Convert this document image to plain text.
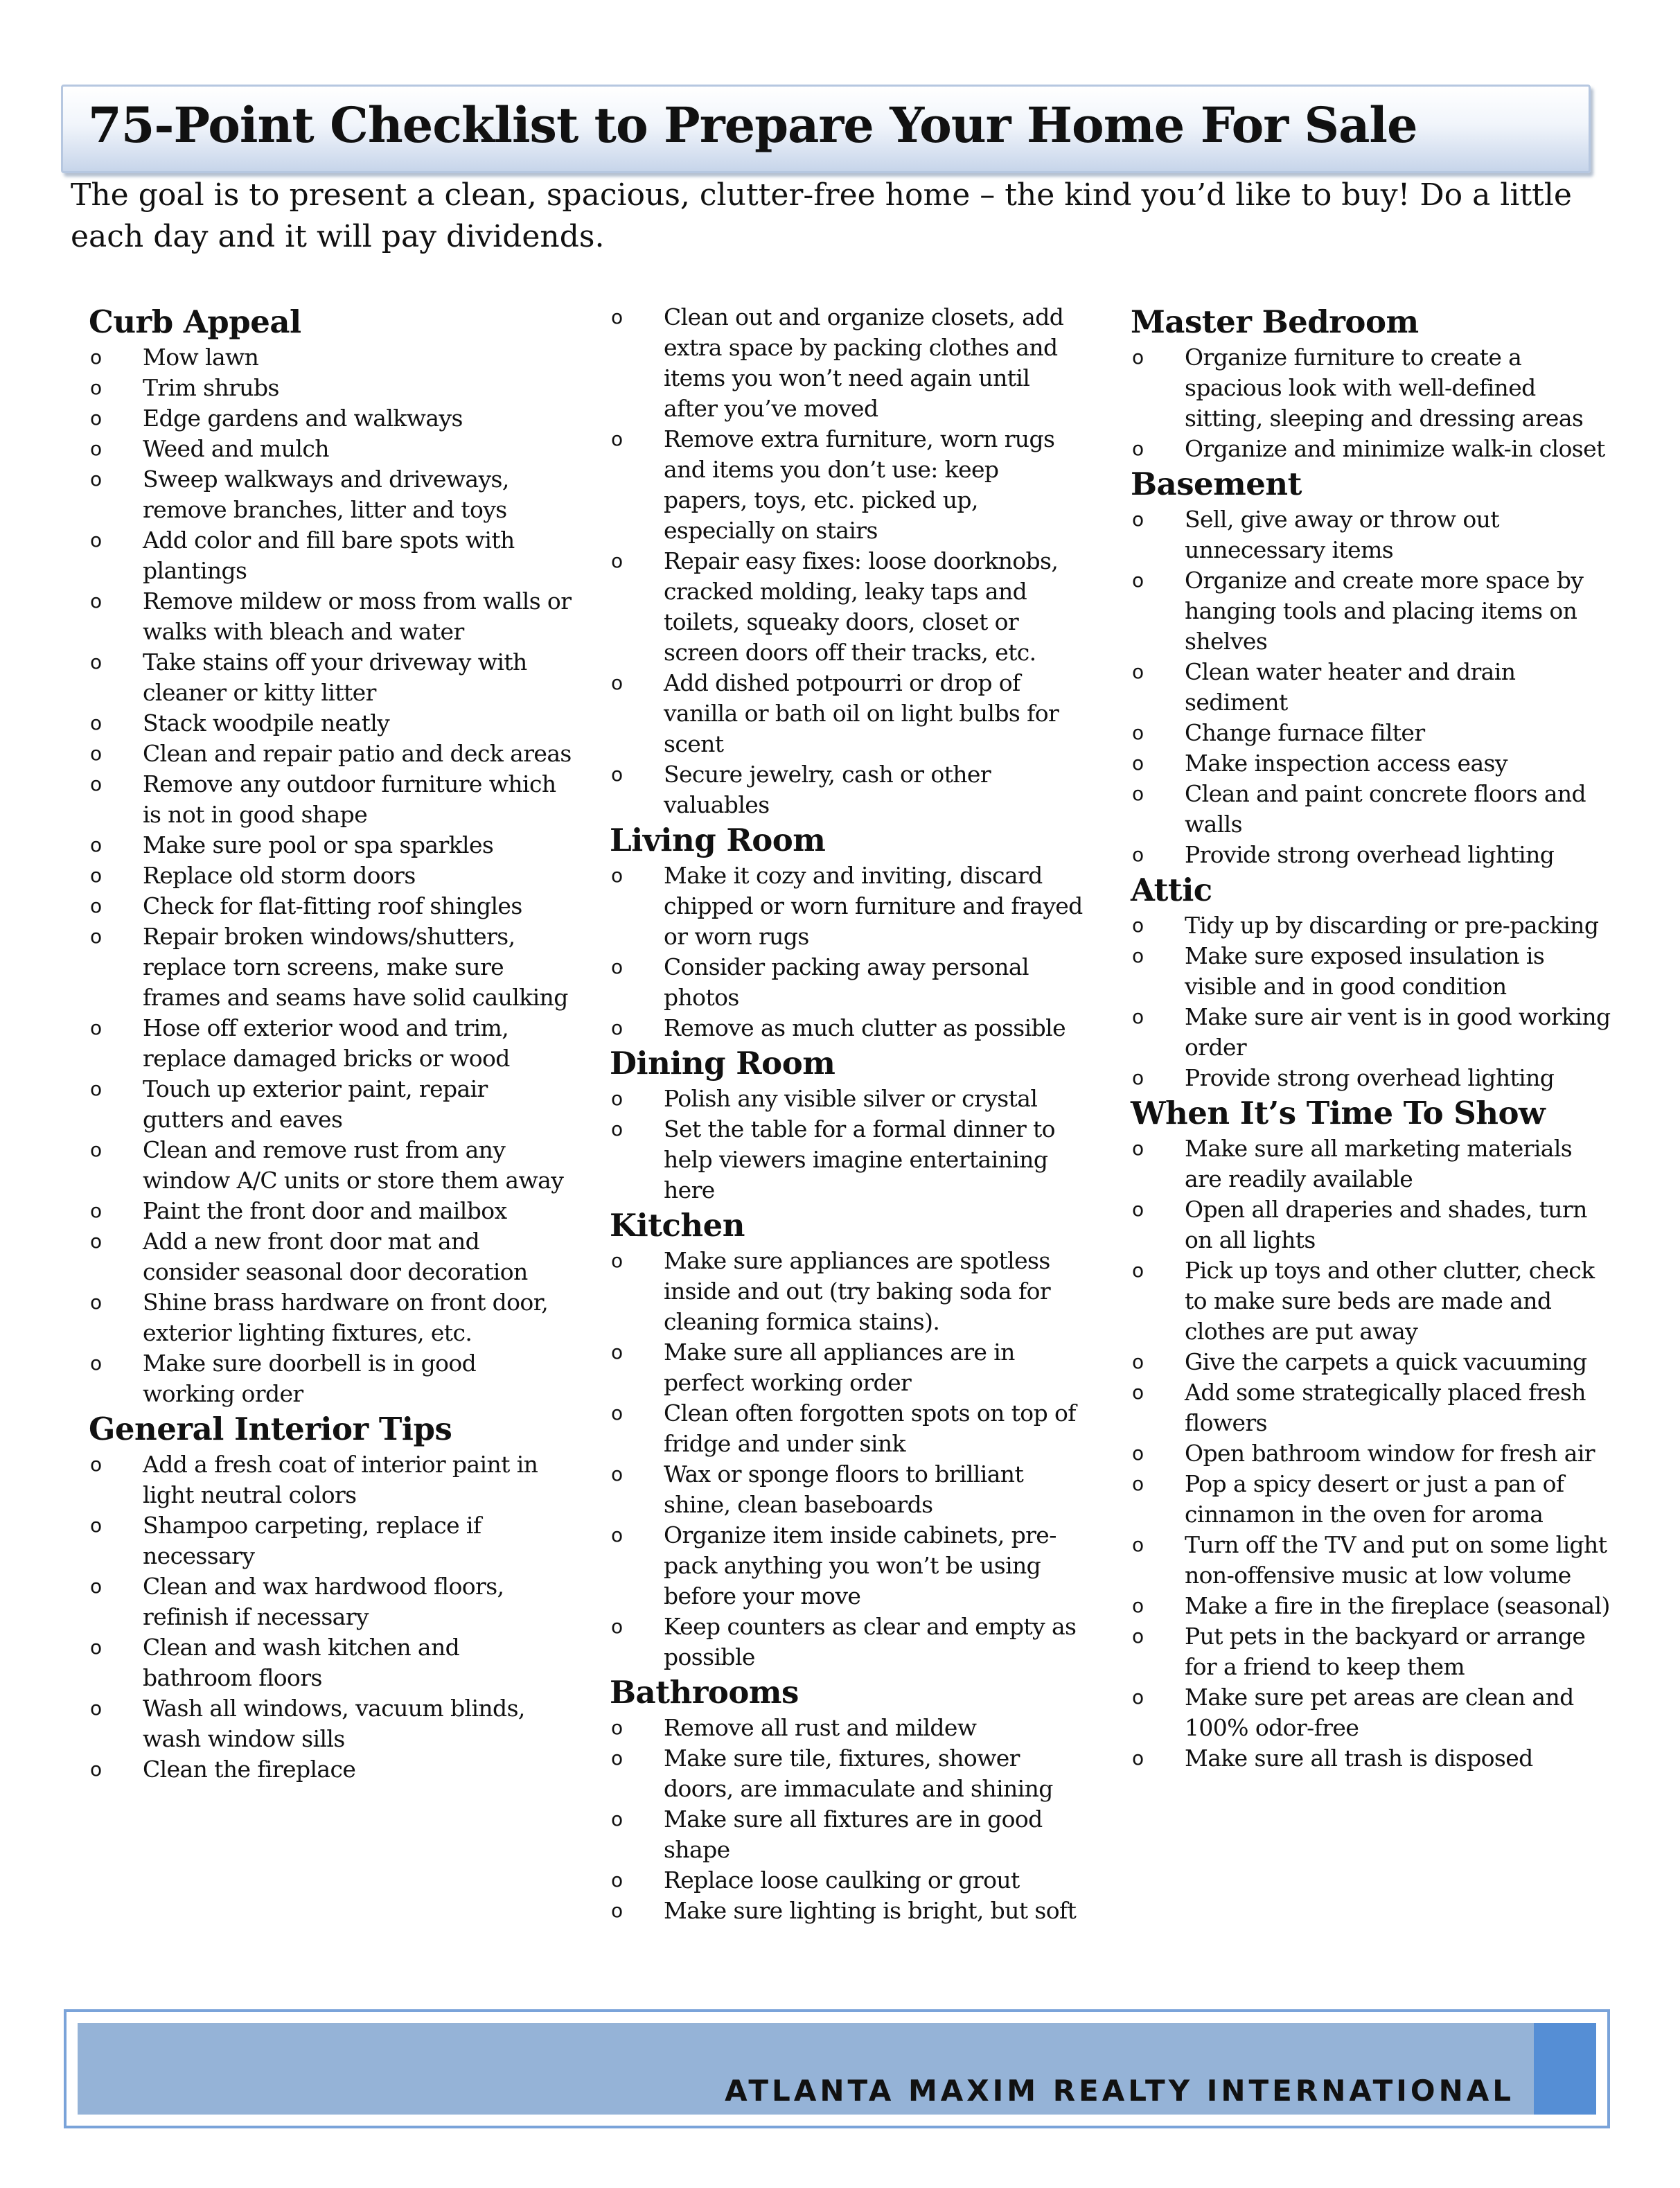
75-Point Checklist to Prepare Your Home For Sale
The goal is to present a clean, spacious, clutter-free home – the kind you’d like to buy! Do a little each day and it will pay dividends.
Curb Appeal
o Mow lawn
o Trim shrubs
o Edge gardens and walkways
o Weed and mulch
o Sweep walkways and driveways, remove branches, litter and toys
o Add color and fill bare spots with plantings
o Remove mildew or moss from walls or walks with bleach and water
o Take stains off your driveway with cleaner or kitty litter
o Stack woodpile neatly
o Clean and repair patio and deck areas
o Remove any outdoor furniture which is not in good shape
o Make sure pool or spa sparkles
o Replace old storm doors
o Check for flat-fitting roof shingles
o Repair broken windows/shutters, replace torn screens, make sure frames and seams have solid caulking
o Hose off exterior wood and trim, replace damaged bricks or wood
o Touch up exterior paint, repair gutters and eaves
o Clean and remove rust from any window A/C units or store them away
o Paint the front door and mailbox
o Add a new front door mat and consider seasonal door decoration
o Shine brass hardware on front door, exterior lighting fixtures, etc.
o Make sure doorbell is in good working order
General Interior Tips
o Add a fresh coat of interior paint in light neutral colors
o Shampoo carpeting, replace if necessary
o Clean and wax hardwood floors, refinish if necessary
o Clean and wash kitchen and bathroom floors
o Wash all windows, vacuum blinds, wash window sills
o Clean the fireplace
o Clean out and organize closets, add extra space by packing clothes and items you won’t need again until after you’ve moved
o Remove extra furniture, worn rugs and items you don’t use: keep papers, toys, etc. picked up, especially on stairs
o Repair easy fixes: loose doorknobs, cracked molding, leaky taps and toilets, squeaky doors, closet or screen doors off their tracks, etc.
o Add dished potpourri or drop of vanilla or bath oil on light bulbs for scent
o Secure jewelry, cash or other valuables
Living Room
o Make it cozy and inviting, discard chipped or worn furniture and frayed or worn rugs
o Consider packing away personal photos
o Remove as much clutter as possible
Dining Room
o Polish any visible silver or crystal
o Set the table for a formal dinner to help viewers imagine entertaining here
Kitchen
o Make sure appliances are spotless inside and out (try baking soda for cleaning formica stains).
o Make sure all appliances are in perfect working order
o Clean often forgotten spots on top of fridge and under sink
o Wax or sponge floors to brilliant shine, clean baseboards
o Organize item inside cabinets, pre-pack anything you won’t be using before your move
o Keep counters as clear and empty as possible
Bathrooms
o Remove all rust and mildew
o Make sure tile, fixtures, shower doors, are immaculate and shining
o Make sure all fixtures are in good shape
o Replace loose caulking or grout
o Make sure lighting is bright, but soft
Master Bedroom
o Organize furniture to create a spacious look with well-defined sitting, sleeping and dressing areas
o Organize and minimize walk-in closet
Basement
o Sell, give away or throw out unnecessary items
o Organize and create more space by hanging tools and placing items on shelves
o Clean water heater and drain sediment
o Change furnace filter
o Make inspection access easy
o Clean and paint concrete floors and walls
o Provide strong overhead lighting
Attic
o Tidy up by discarding or pre-packing
o Make sure exposed insulation is visible and in good condition
o Make sure air vent is in good working order
o Provide strong overhead lighting
When It’s Time To Show
o Make sure all marketing materials are readily available
o Open all draperies and shades, turn on all lights
o Pick up toys and other clutter, check to make sure beds are made and clothes are put away
o Give the carpets a quick vacuuming
o Add some strategically placed fresh flowers
o Open bathroom window for fresh air
o Pop a spicy desert or just a pan of cinnamon in the oven for aroma
o Turn off the TV and put on some light non-offensive music at low volume
o Make a fire in the fireplace (seasonal)
o Put pets in the backyard or arrange for a friend to keep them
o Make sure pet areas are clean and 100% odor-free
o Make sure all trash is disposed
ATLANTA MAXIM REALTY INTERNATIONAL
